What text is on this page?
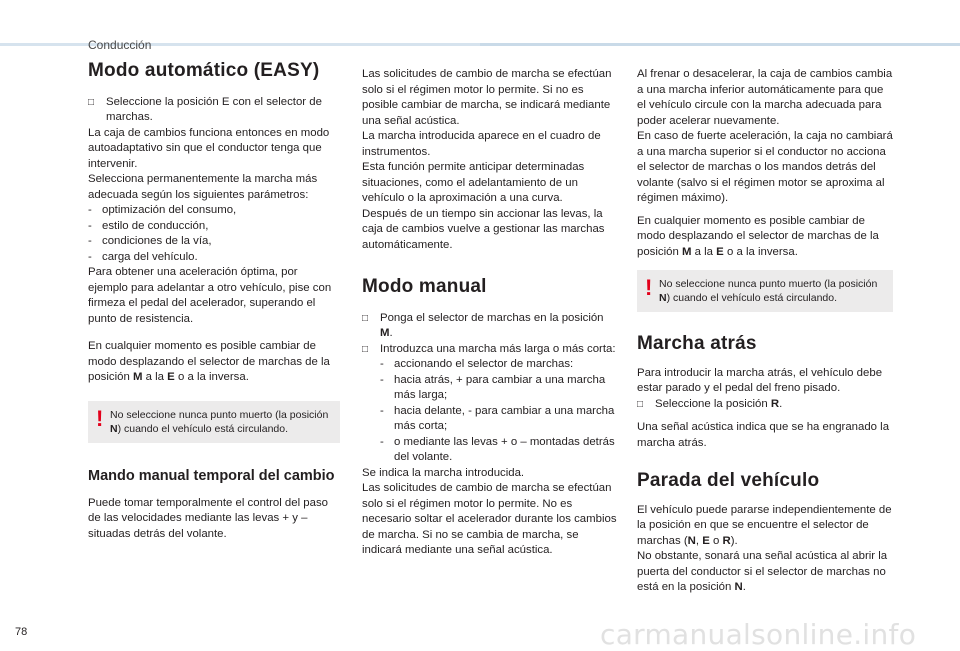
Conducción
Modo automático (EASY)
□	Seleccione la posición E con el selector de marchas.

La caja de cambios funciona entonces en modo autoadaptativo sin que el conductor tenga que intervenir.

Selecciona permanentemente la marcha más adecuada según los siguientes parámetros:

- optimización del consumo,
- estilo de conducción,
- condiciones de la vía,
- carga del vehículo.

Para obtener una aceleración óptima, por ejemplo para adelantar a otro vehículo, pise con firmeza el pedal del acelerador, superando el punto de resistencia.

En cualquier momento es posible cambiar de modo desplazando el selector de marchas de la posición M a la E o a la inversa.

! No seleccione nunca punto muerto (la posición N) cuando el vehículo está circulando.
Mando manual temporal del cambio

Puede tomar temporalmente el control del paso de las velocidades mediante las levas + y – situadas detrás del volante.

Las solicitudes de cambio de marcha se efectúan solo si el régimen motor lo permite. Si no es posible cambiar de marcha, se indicará mediante una señal acústica.

La marcha introducida aparece en el cuadro de instrumentos.

Esta función permite anticipar determinadas situaciones, como el adelantamiento de un vehículo o la aproximación a una curva.

Después de un tiempo sin accionar las levas, la caja de cambios vuelve a gestionar las marchas automáticamente.

Modo manual
□	Ponga el selector de marchas en la posición M.
□	Introduzca una marcha más larga o más corta:
- accionando el selector de marchas:
- hacia atrás, + para cambiar a una marcha más larga;
- hacia delante, - para cambiar a una marcha más corta;
- o mediante las levas + o – montadas detrás del volante.

Se indica la marcha introducida.

Las solicitudes de cambio de marcha se efectúan solo si el régimen motor lo permite. No es necesario soltar el acelerador durante los cambios de marcha. Si no se cambia de marcha, se indicará mediante una señal acústica.

Al frenar o desacelerar, la caja de cambios cambia a una marcha inferior automáticamente para que el vehículo circule con la marcha adecuada para poder acelerar nuevamente.

En caso de fuerte aceleración, la caja no cambiará a una marcha superior si el conductor no acciona el selector de marchas o los mandos detrás del volante (salvo si el régimen motor se aproxima al régimen máximo).

En cualquier momento es posible cambiar de modo desplazando el selector de marchas de la posición M a la E o a la inversa.

! No seleccione nunca punto muerto (la posición N) cuando el vehículo está circulando.
Marcha atrás

Para introducir la marcha atrás, el vehículo debe estar parado y el pedal del freno pisado.

□	Seleccione la posición R.

Una señal acústica indica que se ha engranado la marcha atrás.

Parada del vehículo

El vehículo puede pararse independientemente de la posición en que se encuentre el selector de marchas (N, E o R).

No obstante, sonará una señal acústica al abrir la puerta del conductor si el selector de marchas no está en la posición N.

78	carmanualsonline.info
